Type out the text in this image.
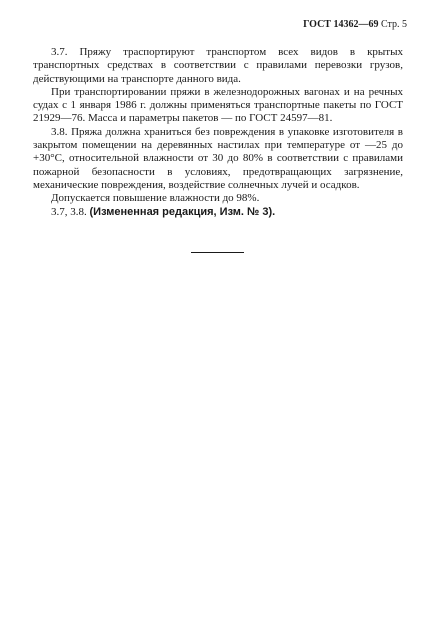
ГОСТ 14362—69 Стр. 5

3.7. Пряжу траспортируют транспортом всех видов в крытых транспортных средствах в соответствии с правилами перевозки грузов, действующими на транспорте данного вида.

При транспортировании пряжи в железнодорожных вагонах и на речных судах с 1 января 1986 г. должны применяться транспортные пакеты по ГОСТ 21929—76. Масса и параметры пакетов — по ГОСТ 24597—81.

3.8. Пряжа должна храниться без повреждения в упаковке изготовителя в закрытом помещении на деревянных настилах при температуре от —25 до +30°С, относительной влажности от 30 до 80% в соответствии с правилами пожарной безопасности в условиях, предотвращающих загрязнение, механические повреждения, воздействие солнечных лучей и осадков.

Допускается повышение влажности до 98%.

3.7, 3.8. (Измененная редакция, Изм. № 3).
